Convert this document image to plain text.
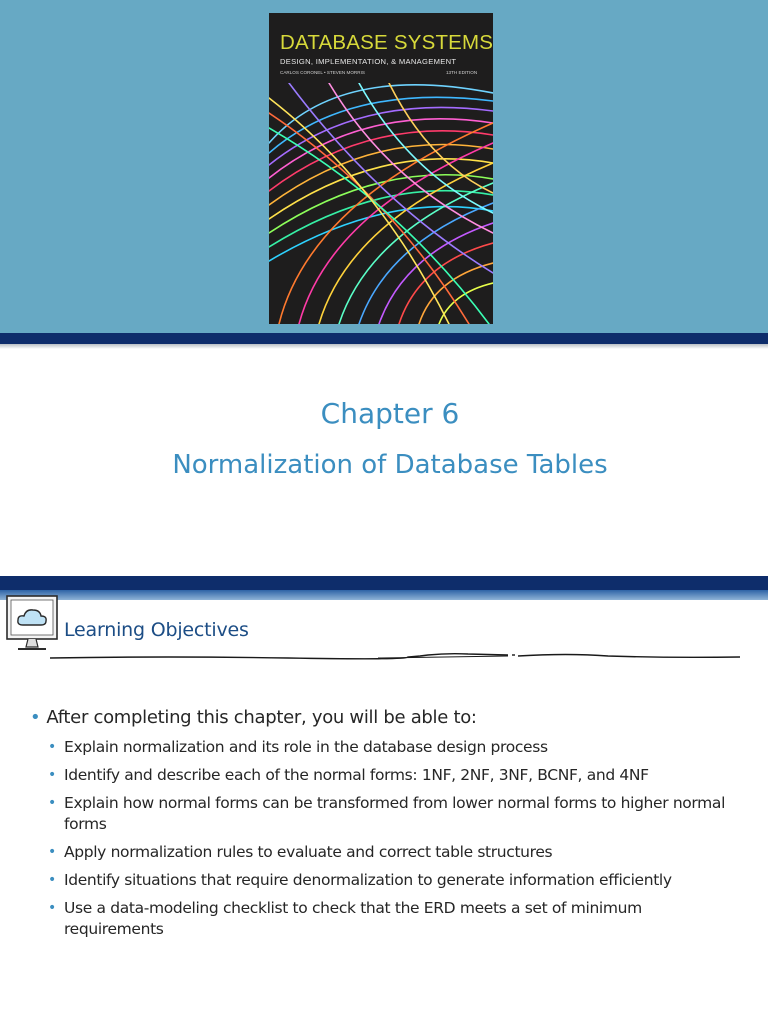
DATABASE SYSTEMS
DESIGN, IMPLEMENTATION, & MANAGEMENT
CARLOS CORONEL • STEVEN MORRIS	13TH EDITION
Chapter 6
Normalization of Database Tables
Learning Objectives
• After completing this chapter, you will be able to:
• Explain normalization and its role in the database design process
• Identify and describe each of the normal forms: 1NF, 2NF, 3NF, BCNF, and 4NF
• Explain how normal forms can be transformed from lower normal forms to higher normal forms
• Apply normalization rules to evaluate and correct table structures
• Identify situations that require denormalization to generate information efficiently
• Use a data-modeling checklist to check that the ERD meets a set of minimum requirements
